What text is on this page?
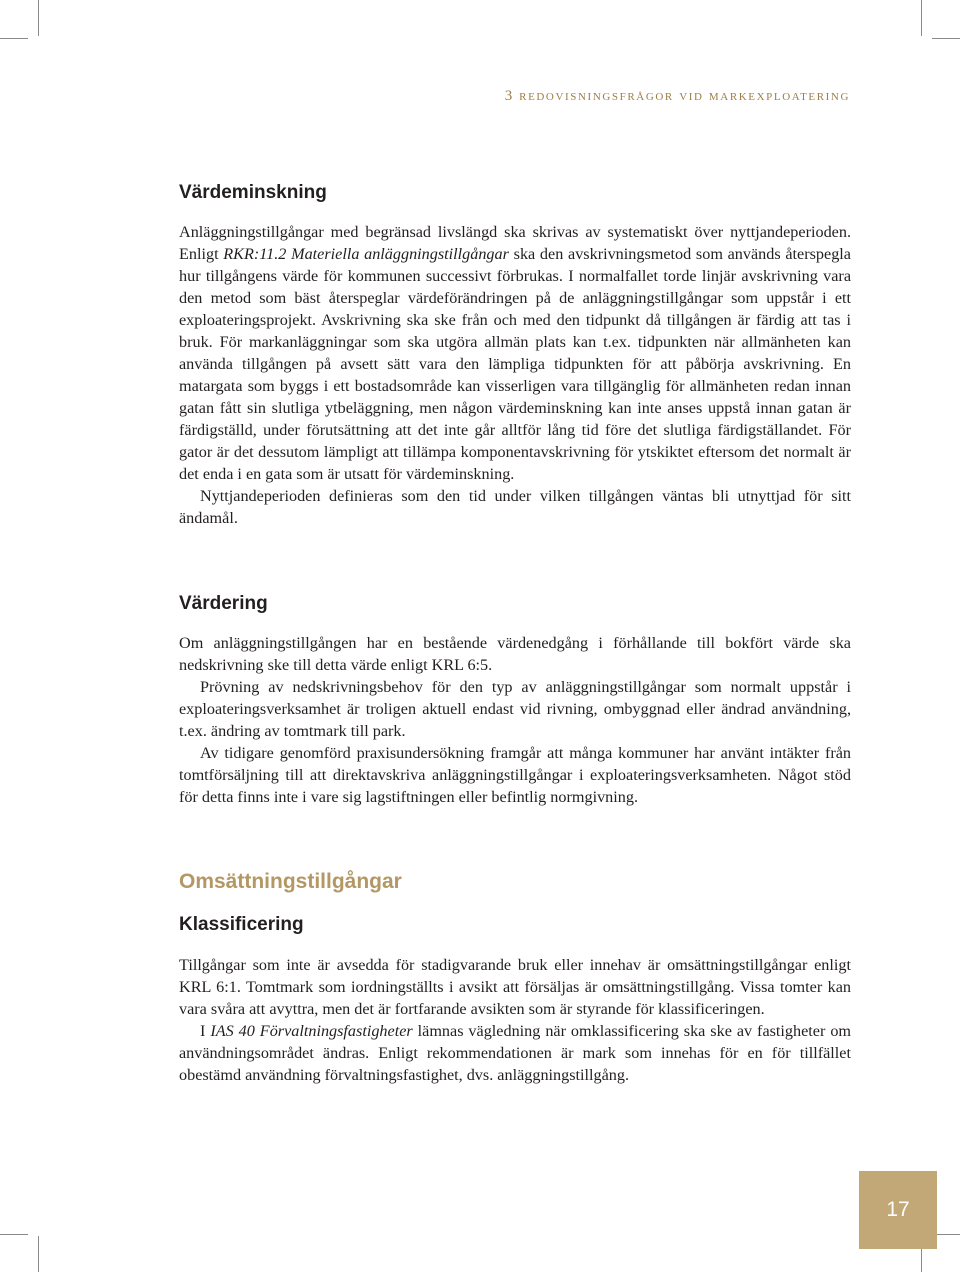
3 redovisningsfrågor vid markexploatering
Värdeminskning

Anläggningstillgångar med begränsad livslängd ska skrivas av systematiskt över nyttjandeperioden. Enligt RKR:11.2 Materiella anläggningstillgångar ska den avskrivningsmetod som används återspegla hur tillgångens värde för kommunen successivt förbrukas. I normalfallet torde linjär avskrivning vara den metod som bäst återspeglar värdeförändringen på de anläggningstillgångar som uppstår i ett exploateringsprojekt. Avskrivning ska ske från och med den tidpunkt då tillgången är färdig att tas i bruk. För markanläggningar som ska utgöra allmän plats kan t.ex. tidpunkten när allmänheten kan använda tillgången på avsett sätt vara den lämpliga tidpunkten för att påbörja avskrivning. En matargata som byggs i ett bostadsområde kan visserligen vara tillgänglig för allmänheten redan innan gatan fått sin slutliga ytbeläggning, men någon värdeminskning kan inte anses uppstå innan gatan är färdigställd, under förutsättning att det inte går alltför lång tid före det slutliga färdigställandet. För gator är det dessutom lämpligt att tillämpa komponentavskrivning för ytskiktet eftersom det normalt är det enda i en gata som är utsatt för värdeminskning.

Nyttjandeperioden definieras som den tid under vilken tillgången väntas bli utnyttjad för sitt ändamål.

Värdering

Om anläggningstillgången har en bestående värdenedgång i förhållande till bokfört värde ska nedskrivning ske till detta värde enligt KRL 6:5.

Prövning av nedskrivningsbehov för den typ av anläggningstillgångar som normalt uppstår i exploateringsverksamhet är troligen aktuell endast vid rivning, ombyggnad eller ändrad användning, t.ex. ändring av tomtmark till park.

Av tidigare genomförd praxisundersökning framgår att många kommuner har använt intäkter från tomtförsäljning till att direktavskriva anläggningstillgångar i exploateringsverksamheten. Något stöd för detta finns inte i vare sig lagstiftningen eller befintlig normgivning.

Omsättningstillgångar
Klassificering

Tillgångar som inte är avsedda för stadigvarande bruk eller innehav är omsättningstillgångar enligt KRL 6:1. Tomtmark som iordningställts i avsikt att försäljas är omsättningstillgång. Vissa tomter kan vara svåra att avyttra, men det är fortfarande avsikten som är styrande för klassificeringen.

I IAS 40 Förvaltningsfastigheter lämnas vägledning när omklassificering ska ske av fastigheter om användningsområdet ändras. Enligt rekommendationen är mark som innehas för en för tillfället obestämd användning förvaltningsfastighet, dvs. anläggningstillgång.

17
